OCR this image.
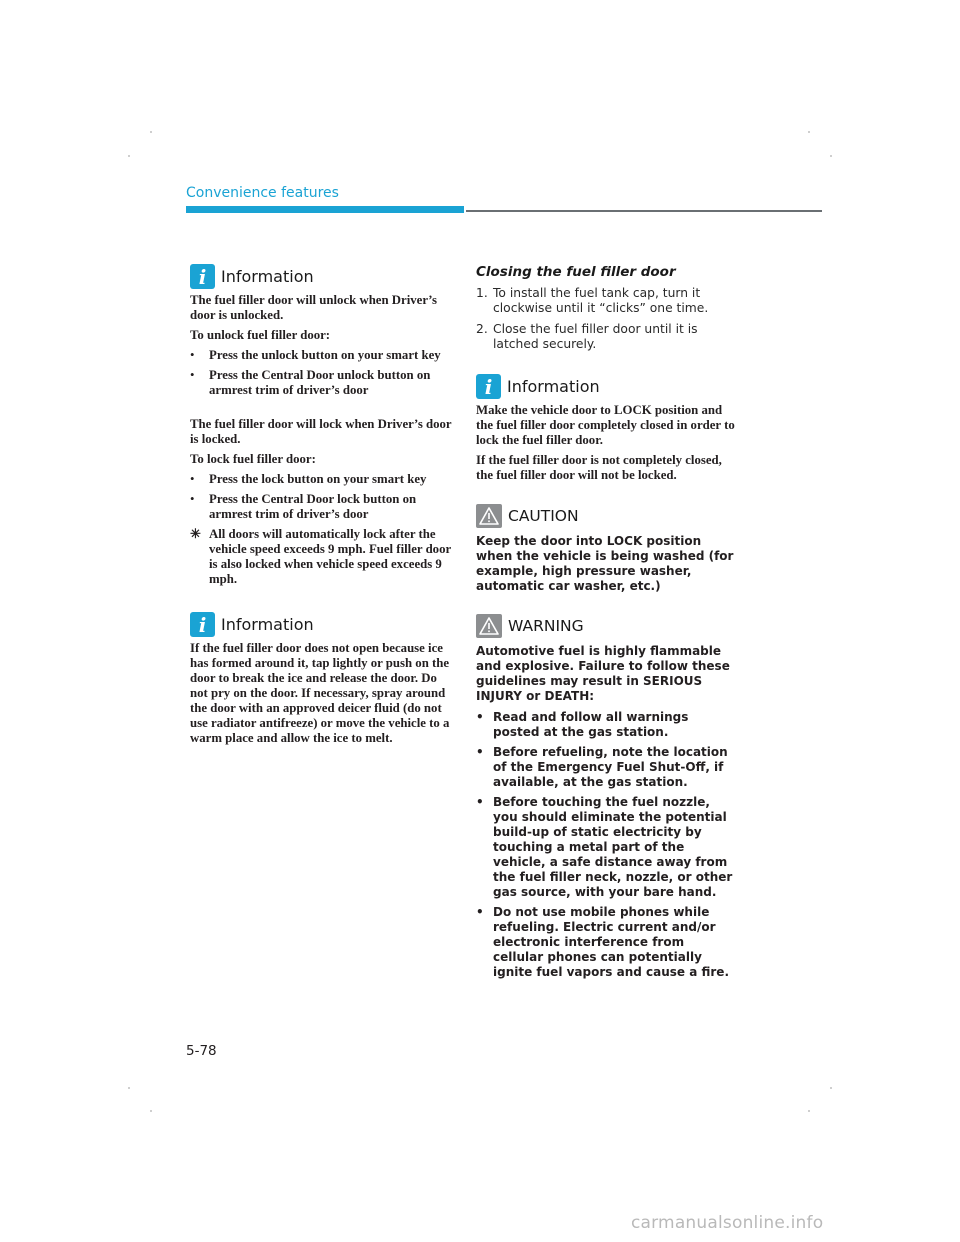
Convenience features
i Information

The fuel filler door will unlock when Driver’s door is unlocked.

To unlock fuel filler door:

• Press the unlock button on your smart key
• Press the Central Door unlock button on armrest trim of driver’s door

The fuel filler door will lock when Driver’s door is locked.

To lock fuel filler door:

• Press the lock button on your smart key
• Press the Central Door lock button on armrest trim of driver’s door

✳ All doors will automatically lock after the vehicle speed exceeds 9 mph. Fuel filler door is also locked when vehicle speed exceeds 9 mph.

i Information

If the fuel filler door does not open because ice has formed around it, tap lightly or push on the door to break the ice and release the door. Do not pry on the door. If necessary, spray around the door with an approved deicer fluid (do not use radiator antifreeze) or move the vehicle to a warm place and allow the ice to melt.

Closing the fuel filler door
1. To install the fuel tank cap, turn it clockwise until it “clicks” one time.
2. Close the fuel filler door until it is latched securely.
i Information

Make the vehicle door to LOCK position and the fuel filler door completely closed in order to lock the fuel filler door.

If the fuel filler door is not completely closed, the fuel filler door will not be locked.

CAUTION

Keep the door into LOCK position when the vehicle is being washed (for example, high pressure washer, automatic car washer, etc.)

WARNING

Automotive fuel is highly flammable and explosive. Failure to follow these guidelines may result in SERIOUS INJURY or DEATH:

• Read and follow all warnings posted at the gas station.
• Before refueling, note the location of the Emergency Fuel Shut-Off, if available, at the gas station.
• Before touching the fuel nozzle, you should eliminate the potential build-up of static electricity by touching a metal part of the vehicle, a safe distance away from the fuel filler neck, nozzle, or other gas source, with your bare hand.
• Do not use mobile phones while refueling. Electric current and/or electronic interference from cellular phones can potentially ignite fuel vapors and cause a fire.
5-78
carmanualsonline.info
